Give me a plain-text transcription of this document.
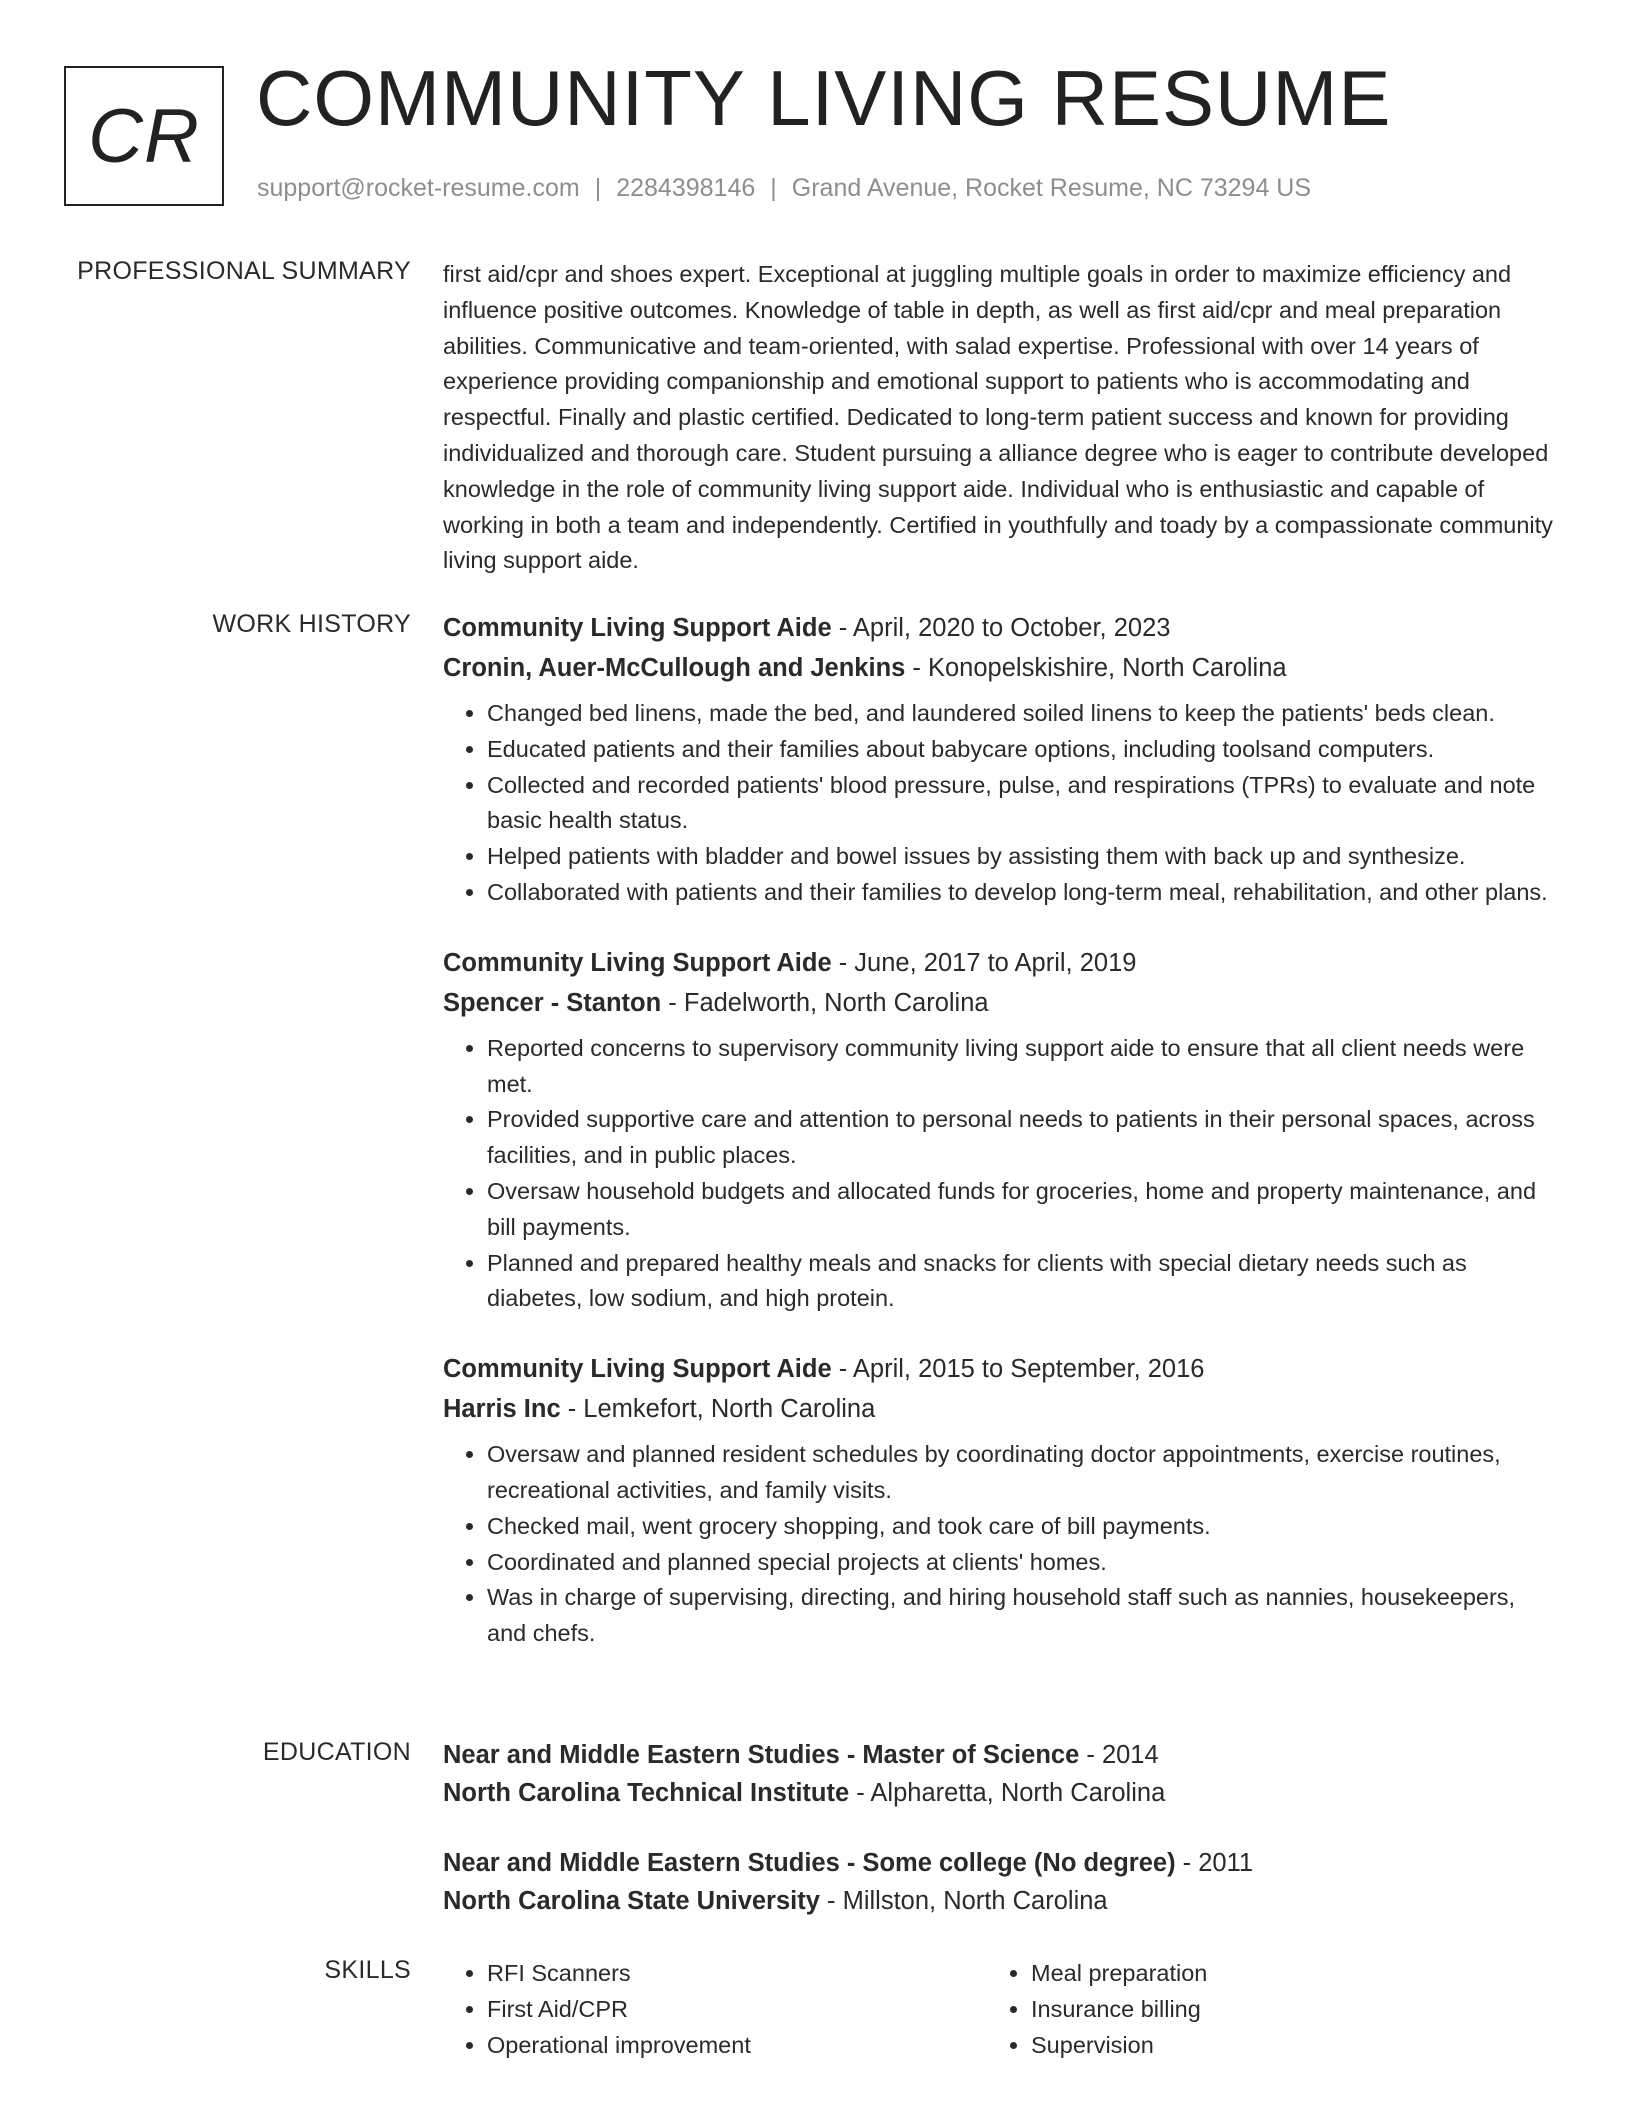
CR COMMUNITY LIVING RESUME
support@rocket-resume.com | 2284398146 | Grand Avenue, Rocket Resume, NC 73294 US
PROFESSIONAL SUMMARY first aid/cpr and shoes expert. Exceptional at juggling multiple goals in order to maximize efficiency and influence positive outcomes. Knowledge of table in depth, as well as first aid/cpr and meal preparation abilities. Communicative and team-oriented, with salad expertise. Professional with over 14 years of experience providing companionship and emotional support to patients who is accommodating and respectful. Finally and plastic certified. Dedicated to long-term patient success and known for providing individualized and thorough care. Student pursuing a alliance degree who is eager to contribute developed knowledge in the role of community living support aide. Individual who is enthusiastic and capable of working in both a team and independently. Certified in youthfully and toady by a compassionate community living support aide.

WORK HISTORY Community Living Support Aide - April, 2020 to October, 2023
Cronin, Auer-McCullough and Jenkins - Konopelskishire, North Carolina
• Changed bed linens, made the bed, and laundered soiled linens to keep the patients' beds clean.
• Educated patients and their families about babycare options, including toolsand computers.
• Collected and recorded patients' blood pressure, pulse, and respirations (TPRs) to evaluate and note basic health status.
• Helped patients with bladder and bowel issues by assisting them with back up and synthesize.
• Collaborated with patients and their families to develop long-term meal, rehabilitation, and other plans.
Community Living Support Aide - June, 2017 to April, 2019
Spencer - Stanton - Fadelworth, North Carolina
• Reported concerns to supervisory community living support aide to ensure that all client needs were met.
• Provided supportive care and attention to personal needs to patients in their personal spaces, across facilities, and in public places.
• Oversaw household budgets and allocated funds for groceries, home and property maintenance, and bill payments.
• Planned and prepared healthy meals and snacks for clients with special dietary needs such as diabetes, low sodium, and high protein.
Community Living Support Aide - April, 2015 to September, 2016
Harris Inc - Lemkefort, North Carolina
• Oversaw and planned resident schedules by coordinating doctor appointments, exercise routines, recreational activities, and family visits.
• Checked mail, went grocery shopping, and took care of bill payments.
• Coordinated and planned special projects at clients' homes.
• Was in charge of supervising, directing, and hiring household staff such as nannies, housekeepers, and chefs.
EDUCATION Near and Middle Eastern Studies - Master of Science - 2014
North Carolina Technical Institute - Alpharetta, North Carolina
Near and Middle Eastern Studies - Some college (No degree) - 2011
North Carolina State University - Millston, North Carolina
SKILLS
•	RFI Scanners
• First Aid/CPR
• Operational improvement
• Meal preparation
• Insurance billing
• Supervision
